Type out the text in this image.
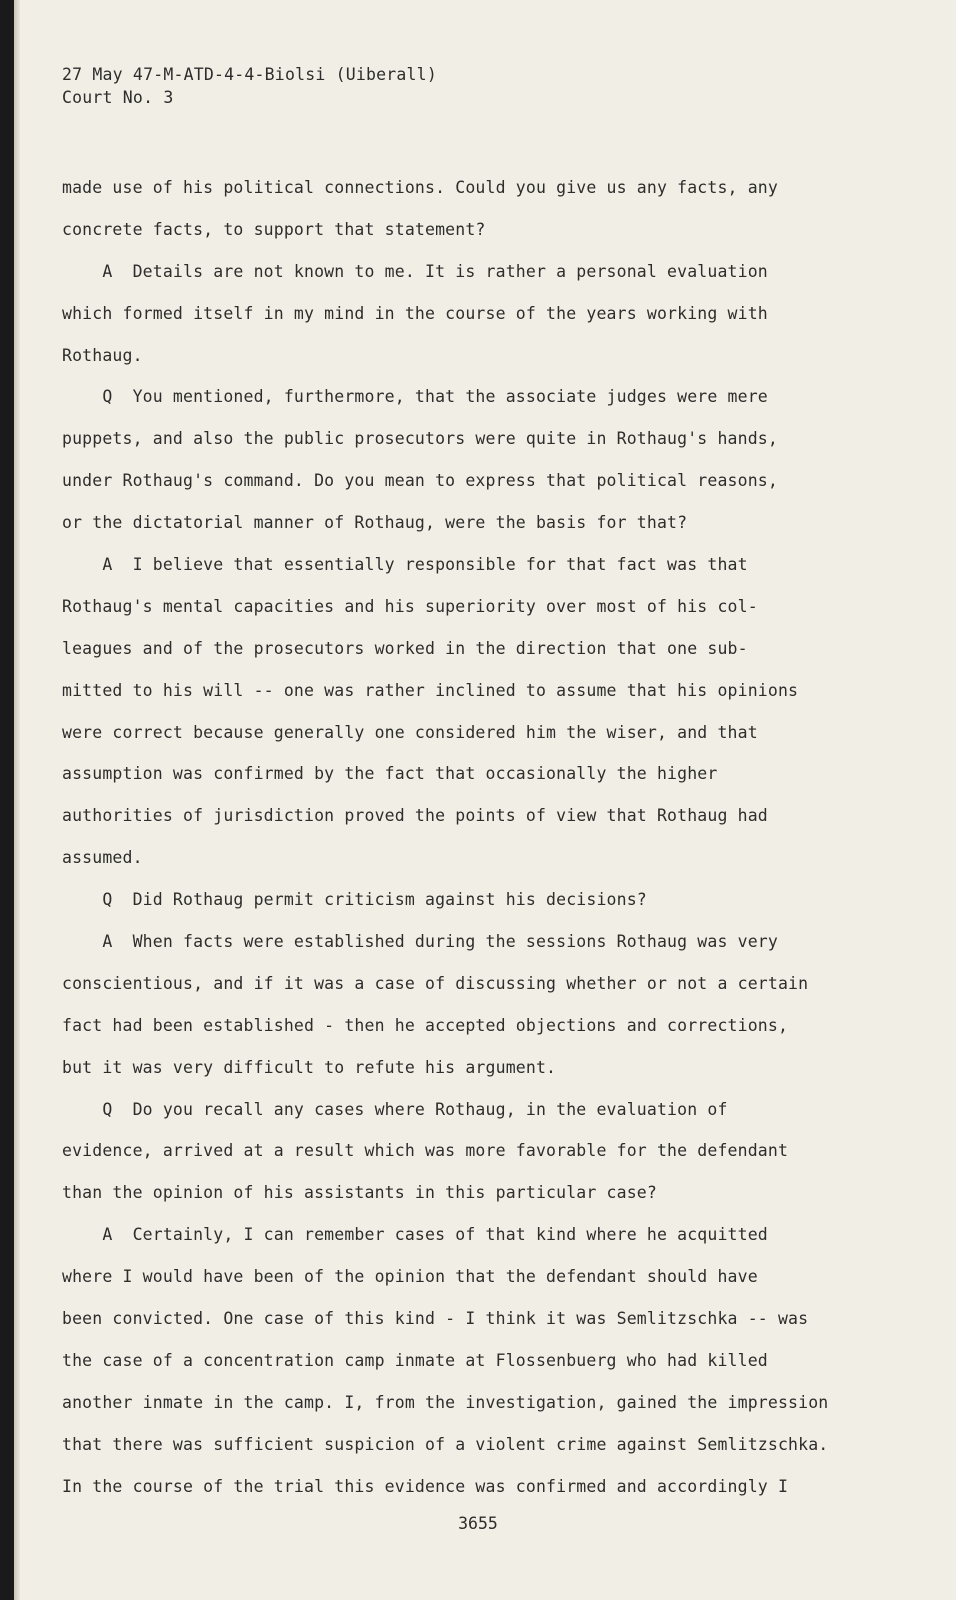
27 May 47-M-ATD-4-4-Biolsi (Uiberall)
Court No. 3
made use of his political connections. Could you give us any facts, any
concrete facts, to support that statement?
A  Details are not known to me. It is rather a personal evaluation
which formed itself in my mind in the course of the years working with
Rothaug.
Q  You mentioned, furthermore, that the associate judges were mere
puppets, and also the public prosecutors were quite in Rothaug's hands,
under Rothaug's command. Do you mean to express that political reasons,
or the dictatorial manner of Rothaug, were the basis for that?
A  I believe that essentially responsible for that fact was that
Rothaug's mental capacities and his superiority over most of his col-
leagues and of the prosecutors worked in the direction that one sub-
mitted to his will -- one was rather inclined to assume that his opinions
were correct because generally one considered him the wiser, and that
assumption was confirmed by the fact that occasionally the higher
authorities of jurisdiction proved the points of view that Rothaug had
assumed.
Q  Did Rothaug permit criticism against his decisions?
A  When facts were established during the sessions Rothaug was very
conscientious, and if it was a case of discussing whether or not a certain
fact had been established - then he accepted objections and corrections,
but it was very difficult to refute his argument.
Q  Do you recall any cases where Rothaug, in the evaluation of
evidence, arrived at a result which was more favorable for the defendant
than the opinion of his assistants in this particular case?
A  Certainly, I can remember cases of that kind where he acquitted
where I would have been of the opinion that the defendant should have
been convicted. One case of this kind - I think it was Semlitzschka -- was
the case of a concentration camp inmate at Flossenbuerg who had killed
another inmate in the camp. I, from the investigation, gained the impression
that there was sufficient suspicion of a violent crime against Semlitzschka.
In the course of the trial this evidence was confirmed and accordingly I
3655
